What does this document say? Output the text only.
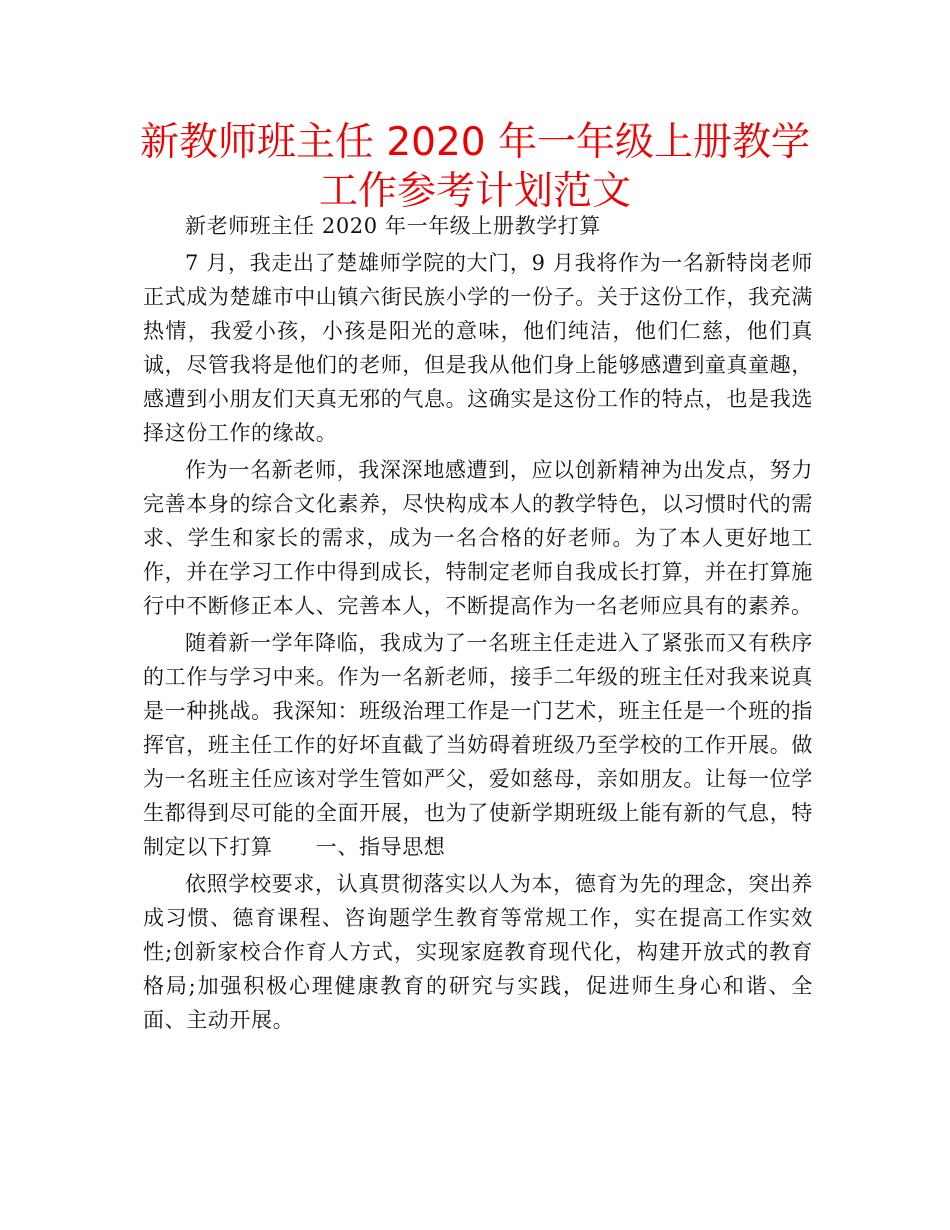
新教师班主任 2020 年一年级上册教学工作参考计划范文

新老师班主任 2020 年一年级上册教学打算

7 月，我走出了楚雄师学院的大门，9 月我将作为一名新特岗老师正式成为楚雄市中山镇六街民族小学的一份子。关于这份工作，我充满热情，我爱小孩，小孩是阳光的意味，他们纯洁，他们仁慈，他们真诚，尽管我将是他们的老师，但是我从他们身上能够感遭到童真童趣，感遭到小朋友们天真无邪的气息。这确实是这份工作的特点，也是我选择这份工作的缘故。

作为一名新老师，我深深地感遭到，应以创新精神为出发点，努力完善本身的综合文化素养，尽快构成本人的教学特色，以习惯时代的需求、学生和家长的需求，成为一名合格的好老师。为了本人更好地工作，并在学习工作中得到成长，特制定老师自我成长打算，并在打算施行中不断修正本人、完善本人，不断提高作为一名老师应具有的素养。

随着新一学年降临，我成为了一名班主任走进入了紧张而又有秩序的工作与学习中来。作为一名新老师，接手二年级的班主任对我来说真是一种挑战。我深知：班级治理工作是一门艺术，班主任是一个班的指挥官，班主任工作的好坏直截了当妨碍着班级乃至学校的工作开展。做为一名班主任应该对学生管如严父，爱如慈母，亲如朋友。让每一位学生都得到尽可能的全面开展，也为了使新学期班级上能有新的气息，特制定以下打算　　一、指导思想

依照学校要求，认真贯彻落实以人为本，德育为先的理念，突出养成习惯、德育课程、咨询题学生教育等常规工作，实在提高工作实效性;创新家校合作育人方式，实现家庭教育现代化，构建开放式的教育格局;加强积极心理健康教育的研究与实践，促进师生身心和谐、全面、主动开展。
